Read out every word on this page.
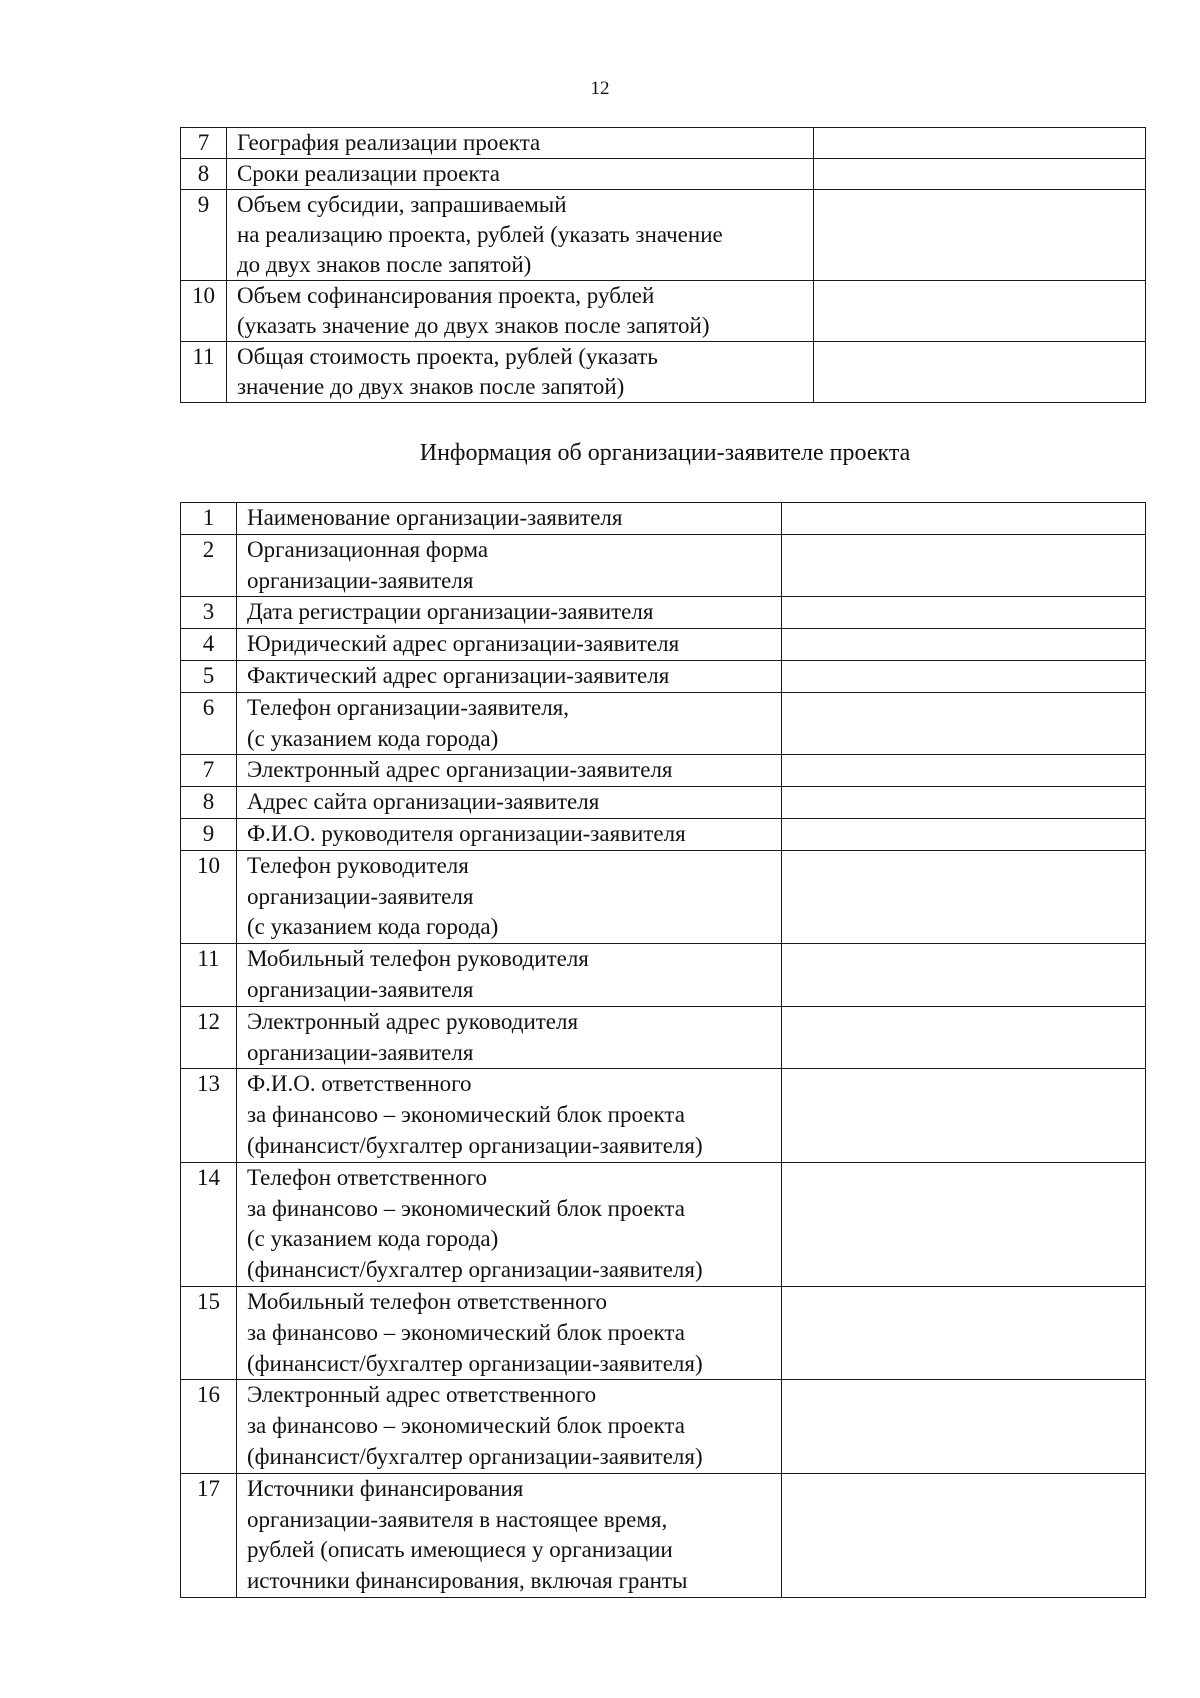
12
7	География реализации проекта	
8	Сроки реализации проекта	
9	Объем субсидии, запрашиваемый
на реализацию проекта, рублей (указать значение
до двух знаков после запятой)	
10	Объем софинансирования проекта, рублей
(указать значение до двух знаков после запятой)	
11	Общая стоимость проекта, рублей (указать
значение до двух знаков после запятой)	
Информация об организации-заявителе проекта
1	Наименование организации-заявителя	
2	Организационная форма
организации-заявителя	
3	Дата регистрации организации-заявителя	
4	Юридический адрес организации-заявителя	
5	Фактический адрес организации-заявителя	
6	Телефон организации-заявителя,
(с указанием кода города)	
7	Электронный адрес организации-заявителя	
8	Адрес сайта организации-заявителя	
9	Ф.И.О. руководителя организации-заявителя	
10	Телефон руководителя
организации-заявителя
(с указанием кода города)	
11	Мобильный телефон руководителя
организации-заявителя	
12	Электронный адрес руководителя
организации-заявителя	
13	Ф.И.О. ответственного
за финансово – экономический блок проекта
(финансист/бухгалтер организации-заявителя)	
14	Телефон ответственного
за финансово – экономический блок проекта
(с указанием кода города)
(финансист/бухгалтер организации-заявителя)	
15	Мобильный телефон ответственного
за финансово – экономический блок проекта
(финансист/бухгалтер организации-заявителя)	
16	Электронный адрес ответственного
за финансово – экономический блок проекта
(финансист/бухгалтер организации-заявителя)	
17	Источники финансирования
организации-заявителя в настоящее время,
рублей (описать имеющиеся у организации
источники финансирования, включая гранты	
